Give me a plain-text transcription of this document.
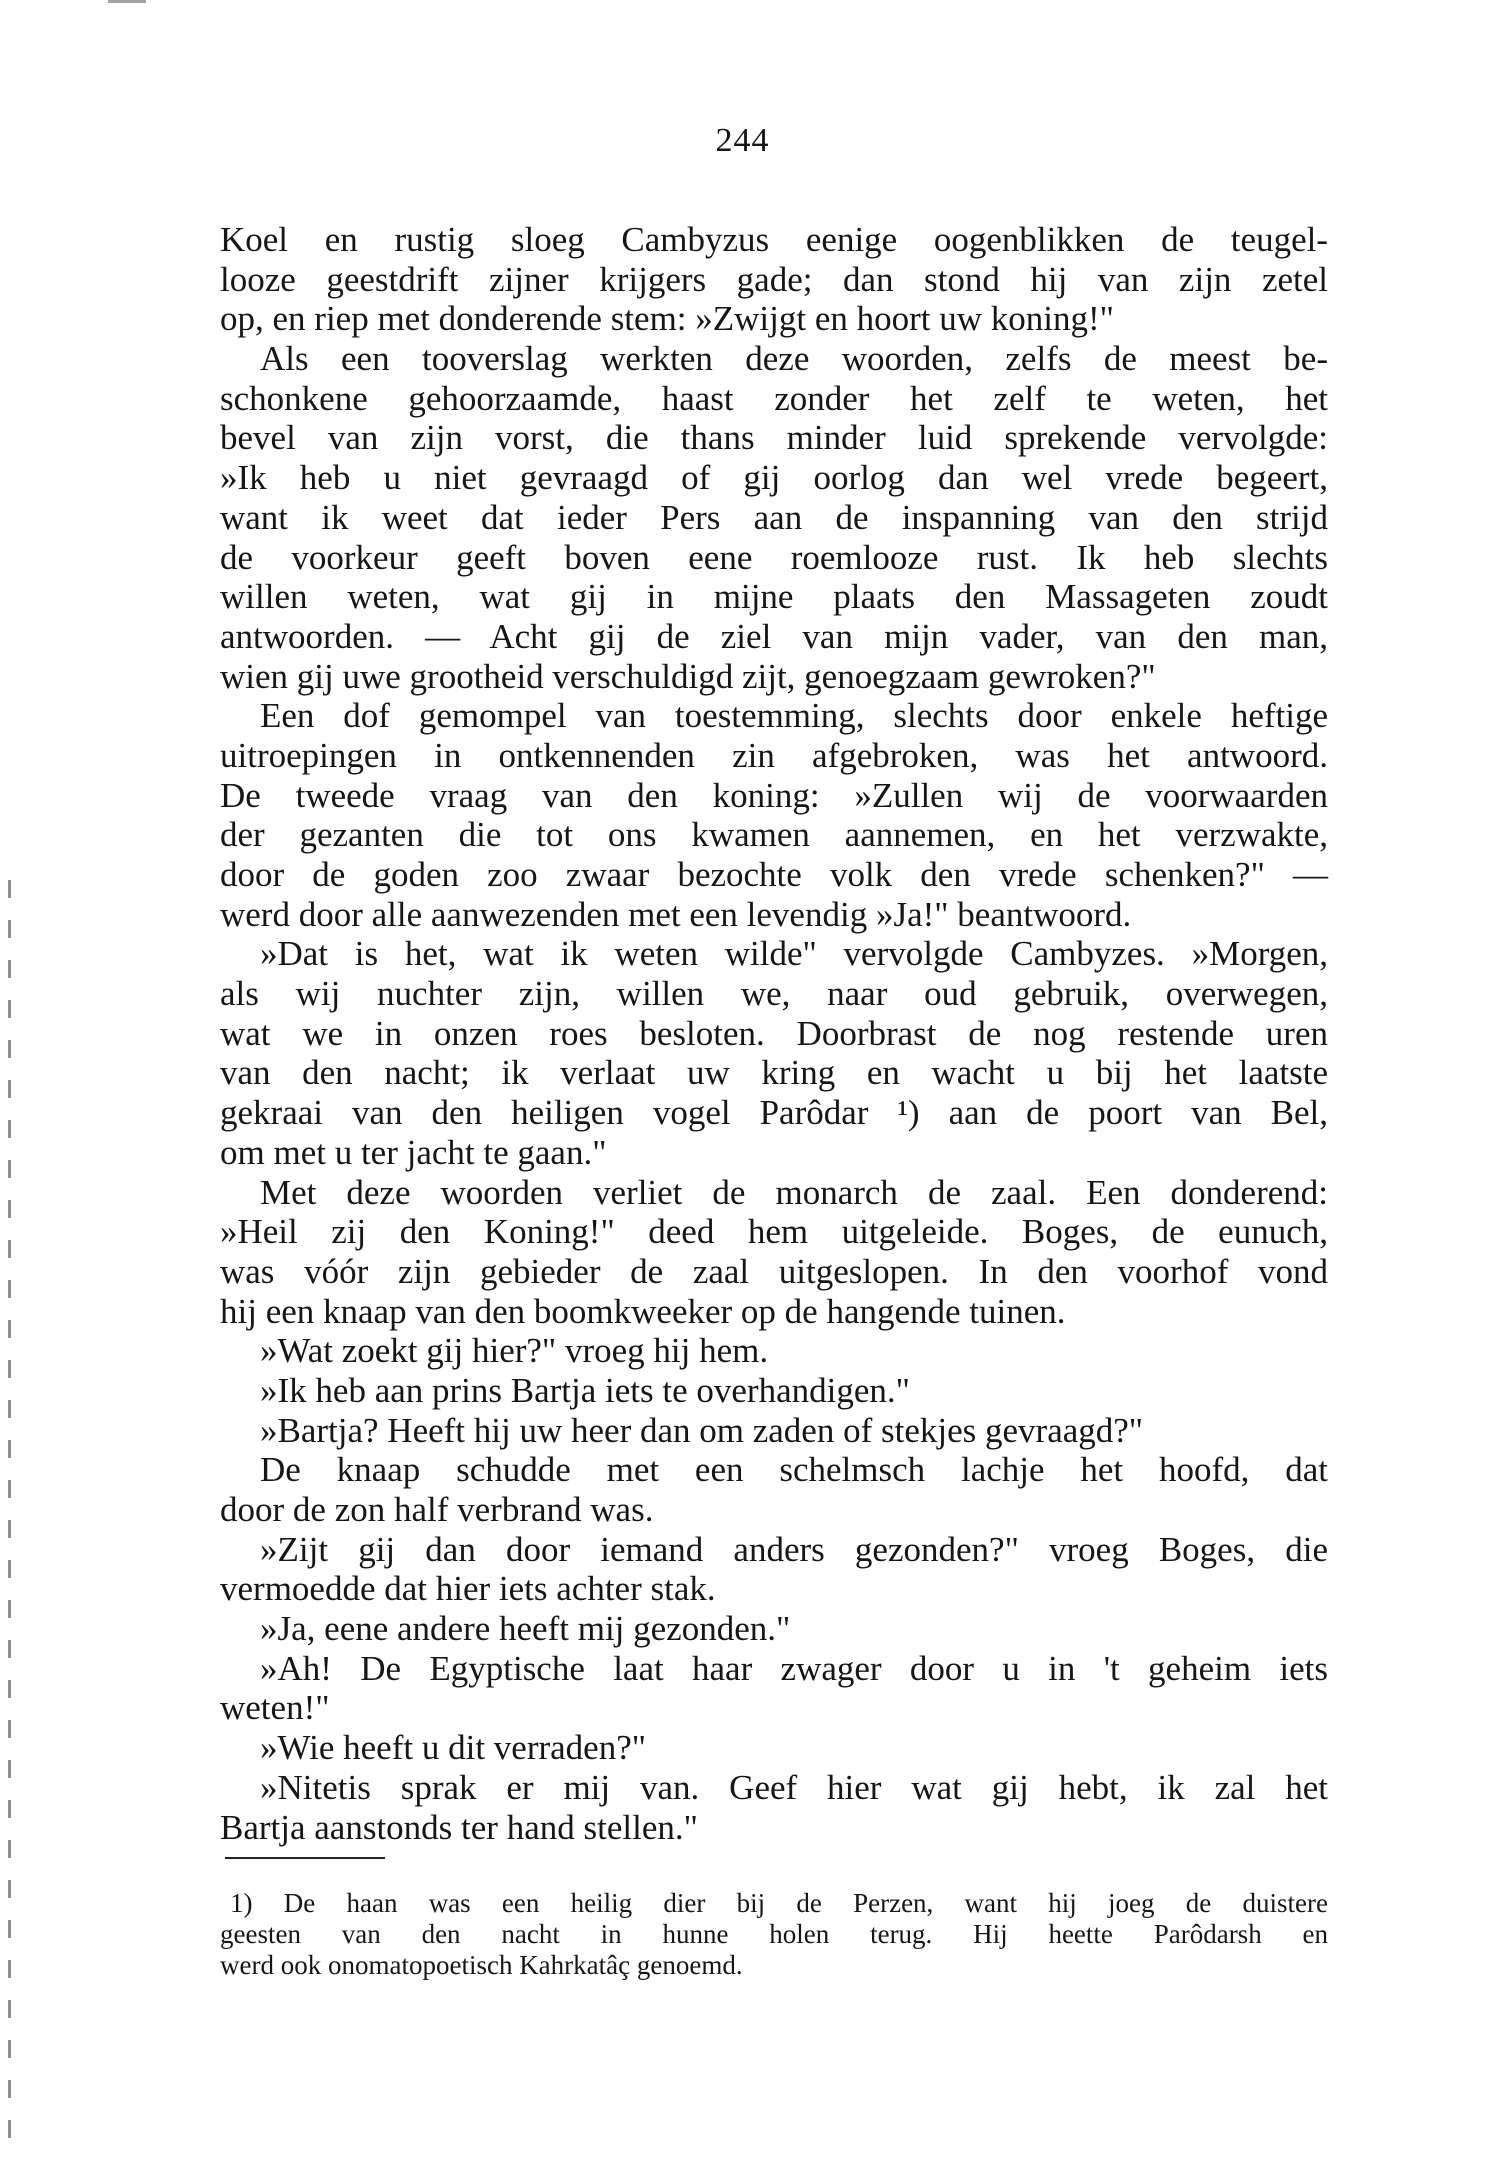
244
Koel en rustig sloeg Cambyzus eenige oogenblikken de teugel-
looze geestdrift zijner krijgers gade; dan stond hij van zijn zetel
op, en riep met donderende stem: »Zwijgt en hoort uw koning!"
Als een tooverslag werkten deze woorden, zelfs de meest be-
schonkene gehoorzaamde, haast zonder het zelf te weten, het
bevel van zijn vorst, die thans minder luid sprekende vervolgde:
»Ik heb u niet gevraagd of gij oorlog dan wel vrede begeert,
want ik weet dat ieder Pers aan de inspanning van den strijd
de voorkeur geeft boven eene roemlooze rust. Ik heb slechts
willen weten, wat gij in mijne plaats den Massageten zoudt
antwoorden. — Acht gij de ziel van mijn vader, van den man,
wien gij uwe grootheid verschuldigd zijt, genoegzaam gewroken?"
Een dof gemompel van toestemming, slechts door enkele heftige
uitroepingen in ontkennenden zin afgebroken, was het antwoord.
De tweede vraag van den koning: »Zullen wij de voorwaarden
der gezanten die tot ons kwamen aannemen, en het verzwakte,
door de goden zoo zwaar bezochte volk den vrede schenken?" —
werd door alle aanwezenden met een levendig »Ja!" beantwoord.
»Dat is het, wat ik weten wilde" vervolgde Cambyzes. »Morgen,
als wij nuchter zijn, willen we, naar oud gebruik, overwegen,
wat we in onzen roes besloten. Doorbrast de nog restende uren
van den nacht; ik verlaat uw kring en wacht u bij het laatste
gekraai van den heiligen vogel Parôdar ¹) aan de poort van Bel,
om met u ter jacht te gaan."
Met deze woorden verliet de monarch de zaal. Een donderend:
»Heil zij den Koning!" deed hem uitgeleide. Boges, de eunuch,
was vóór zijn gebieder de zaal uitgeslopen. In den voorhof vond
hij een knaap van den boomkweeker op de hangende tuinen.
»Wat zoekt gij hier?" vroeg hij hem.
»Ik heb aan prins Bartja iets te overhandigen."
»Bartja? Heeft hij uw heer dan om zaden of stekjes gevraagd?"
De knaap schudde met een schelmsch lachje het hoofd, dat
door de zon half verbrand was.
»Zijt gij dan door iemand anders gezonden?" vroeg Boges, die
vermoedde dat hier iets achter stak.
»Ja, eene andere heeft mij gezonden."
»Ah! De Egyptische laat haar zwager door u in 't geheim iets
weten!"
»Wie heeft u dit verraden?"
»Nitetis sprak er mij van. Geef hier wat gij hebt, ik zal het
Bartja aanstonds ter hand stellen."
1) De haan was een heilig dier bij de Perzen, want hij joeg de duistere
geesten van den nacht in hunne holen terug. Hij heette Parôdarsh en
werd ook onomatopoetisch Kahrkatâç genoemd.
